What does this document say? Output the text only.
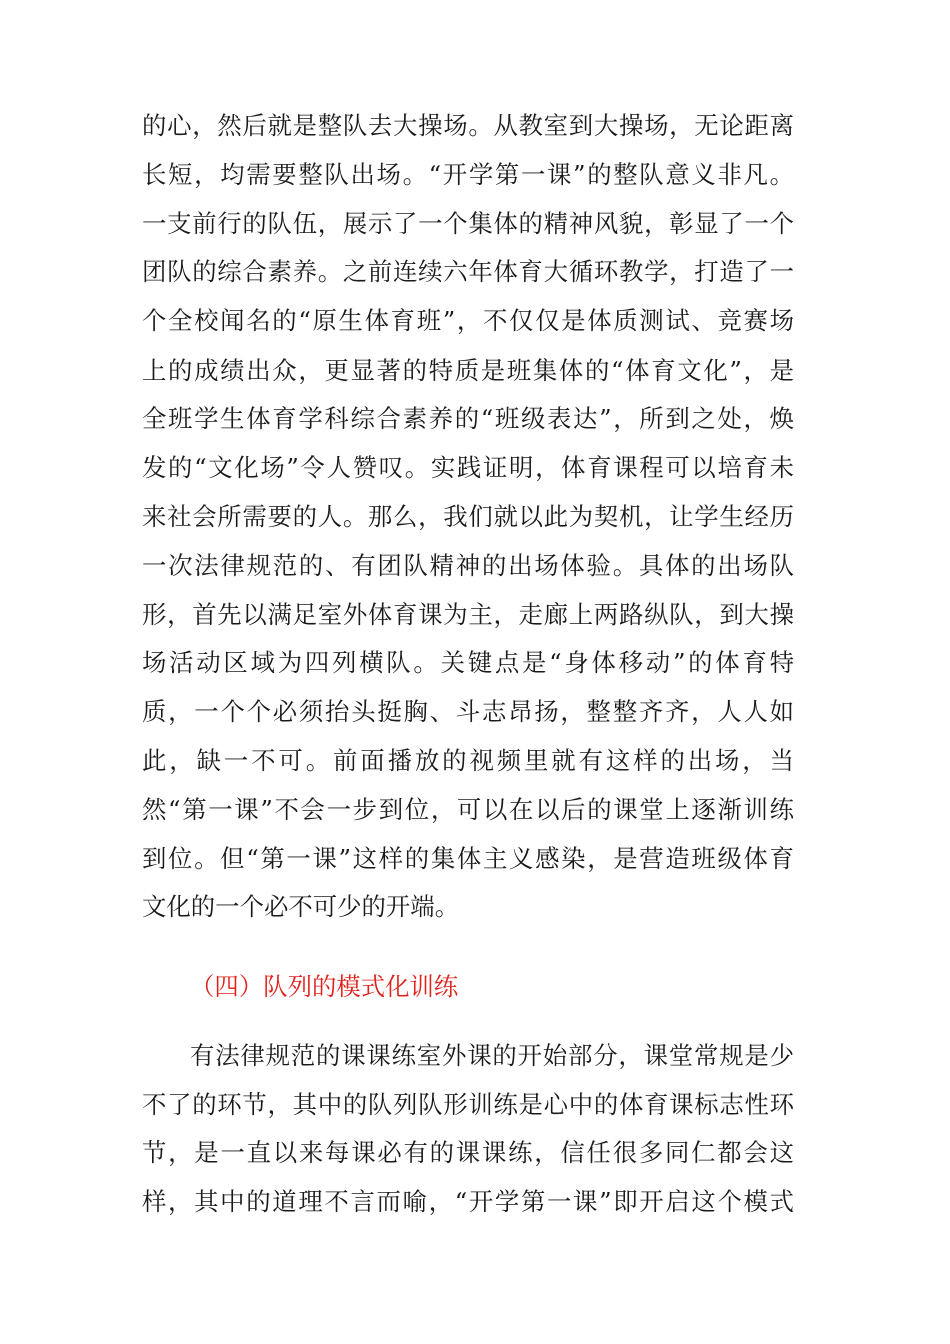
的心，然后就是整队去大操场。从教室到大操场，无论距离
长短，均需要整队出场。“开学第一课”的整队意义非凡。
一支前行的队伍，展示了一个集体的精神风貌，彰显了一个
团队的综合素养。之前连续六年体育大循环教学，打造了一
个全校闻名的“原生体育班”，不仅仅是体质测试、竞赛场
上的成绩出众，更显著的特质是班集体的“体育文化”，是
全班学生体育学科综合素养的“班级表达”，所到之处，焕
发的“文化场”令人赞叹。实践证明，体育课程可以培育未
来社会所需要的人。那么，我们就以此为契机，让学生经历
一次法律规范的、有团队精神的出场体验。具体的出场队
形，首先以满足室外体育课为主，走廊上两路纵队，到大操
场活动区域为四列横队。关键点是“身体移动”的体育特
质，一个个必须抬头挺胸、斗志昂扬，整整齐齐，人人如
此，缺一不可。前面播放的视频里就有这样的出场，当
然“第一课”不会一步到位，可以在以后的课堂上逐渐训练
到位。但“第一课”这样的集体主义感染，是营造班级体育
文化的一个必不可少的开端。
（四）队列的模式化训练
有法律规范的课课练室外课的开始部分，课堂常规是少
不了的环节，其中的队列队形训练是心中的体育课标志性环
节，是一直以来每课必有的课课练，信任很多同仁都会这
样，其中的道理不言而喻，“开学第一课”即开启这个模式
